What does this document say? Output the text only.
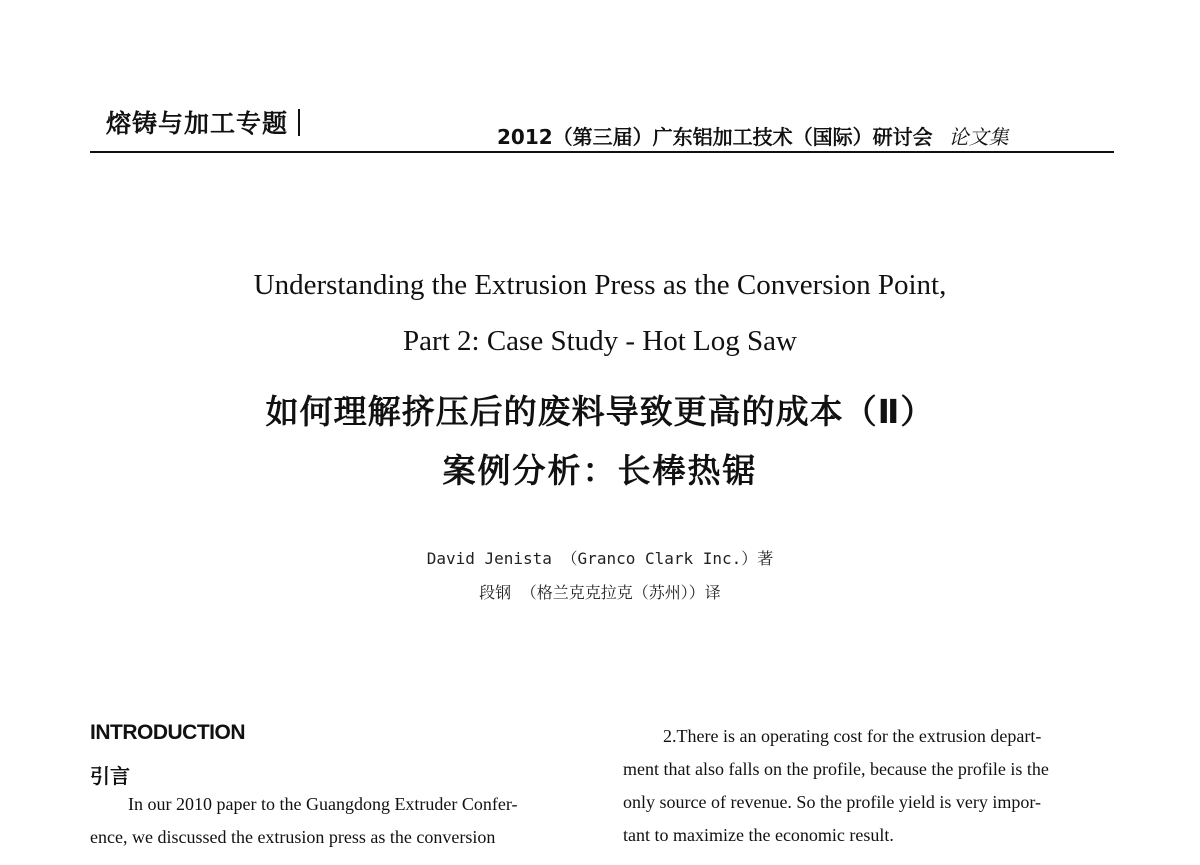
熔铸与加工专题	2012（第三届）广东铝加工技术（国际）研讨会 论文集
Understanding the Extrusion Press as the Conversion Point,
Part 2: Case Study - Hot Log Saw
如何理解挤压后的废料导致更高的成本（Ⅱ）
案例分析：长棒热锯
David Jenista （Granco Clark Inc.）著
段钢 （格兰克克拉克（苏州））译
INTRODUCTION
引言
In our 2010 paper to the Guangdong Extruder Confer-
ence, we discussed the extrusion press as the conversion
2.There is an operating cost for the extrusion depart-
ment that also falls on the profile, because the profile is the
only source of revenue. So the profile yield is very impor-
tant to maximize the economic result.
